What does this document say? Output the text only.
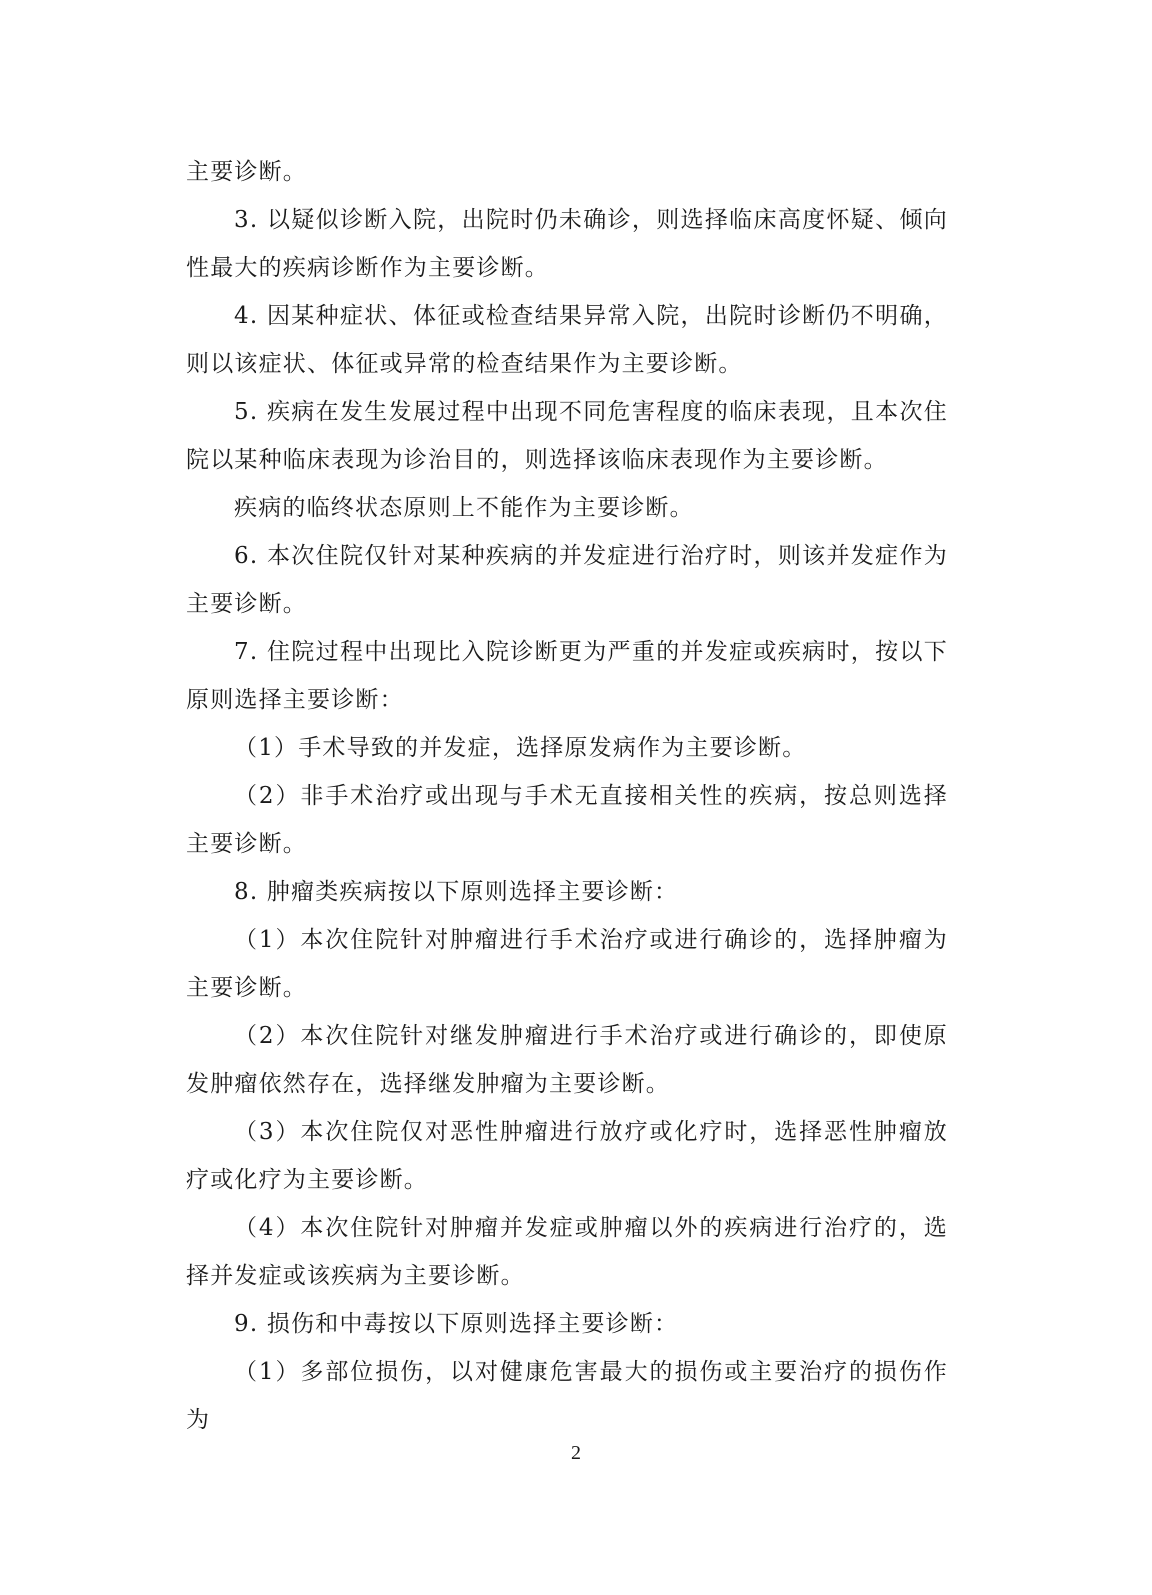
主要诊断。

3. 以疑似诊断入院，出院时仍未确诊，则选择临床高度怀疑、倾向性最大的疾病诊断作为主要诊断。

4. 因某种症状、体征或检查结果异常入院，出院时诊断仍不明确，则以该症状、体征或异常的检查结果作为主要诊断。

5. 疾病在发生发展过程中出现不同危害程度的临床表现，且本次住院以某种临床表现为诊治目的，则选择该临床表现作为主要诊断。

疾病的临终状态原则上不能作为主要诊断。

6. 本次住院仅针对某种疾病的并发症进行治疗时，则该并发症作为主要诊断。

7. 住院过程中出现比入院诊断更为严重的并发症或疾病时，按以下原则选择主要诊断：

（1）手术导致的并发症，选择原发病作为主要诊断。

（2）非手术治疗或出现与手术无直接相关性的疾病，按总则选择主要诊断。

8. 肿瘤类疾病按以下原则选择主要诊断：

（1）本次住院针对肿瘤进行手术治疗或进行确诊的，选择肿瘤为主要诊断。

（2）本次住院针对继发肿瘤进行手术治疗或进行确诊的，即使原发肿瘤依然存在，选择继发肿瘤为主要诊断。

（3）本次住院仅对恶性肿瘤进行放疗或化疗时，选择恶性肿瘤放疗或化疗为主要诊断。

（4）本次住院针对肿瘤并发症或肿瘤以外的疾病进行治疗的，选择并发症或该疾病为主要诊断。

9. 损伤和中毒按以下原则选择主要诊断：

（1）多部位损伤，以对健康危害最大的损伤或主要治疗的损伤作为

2
